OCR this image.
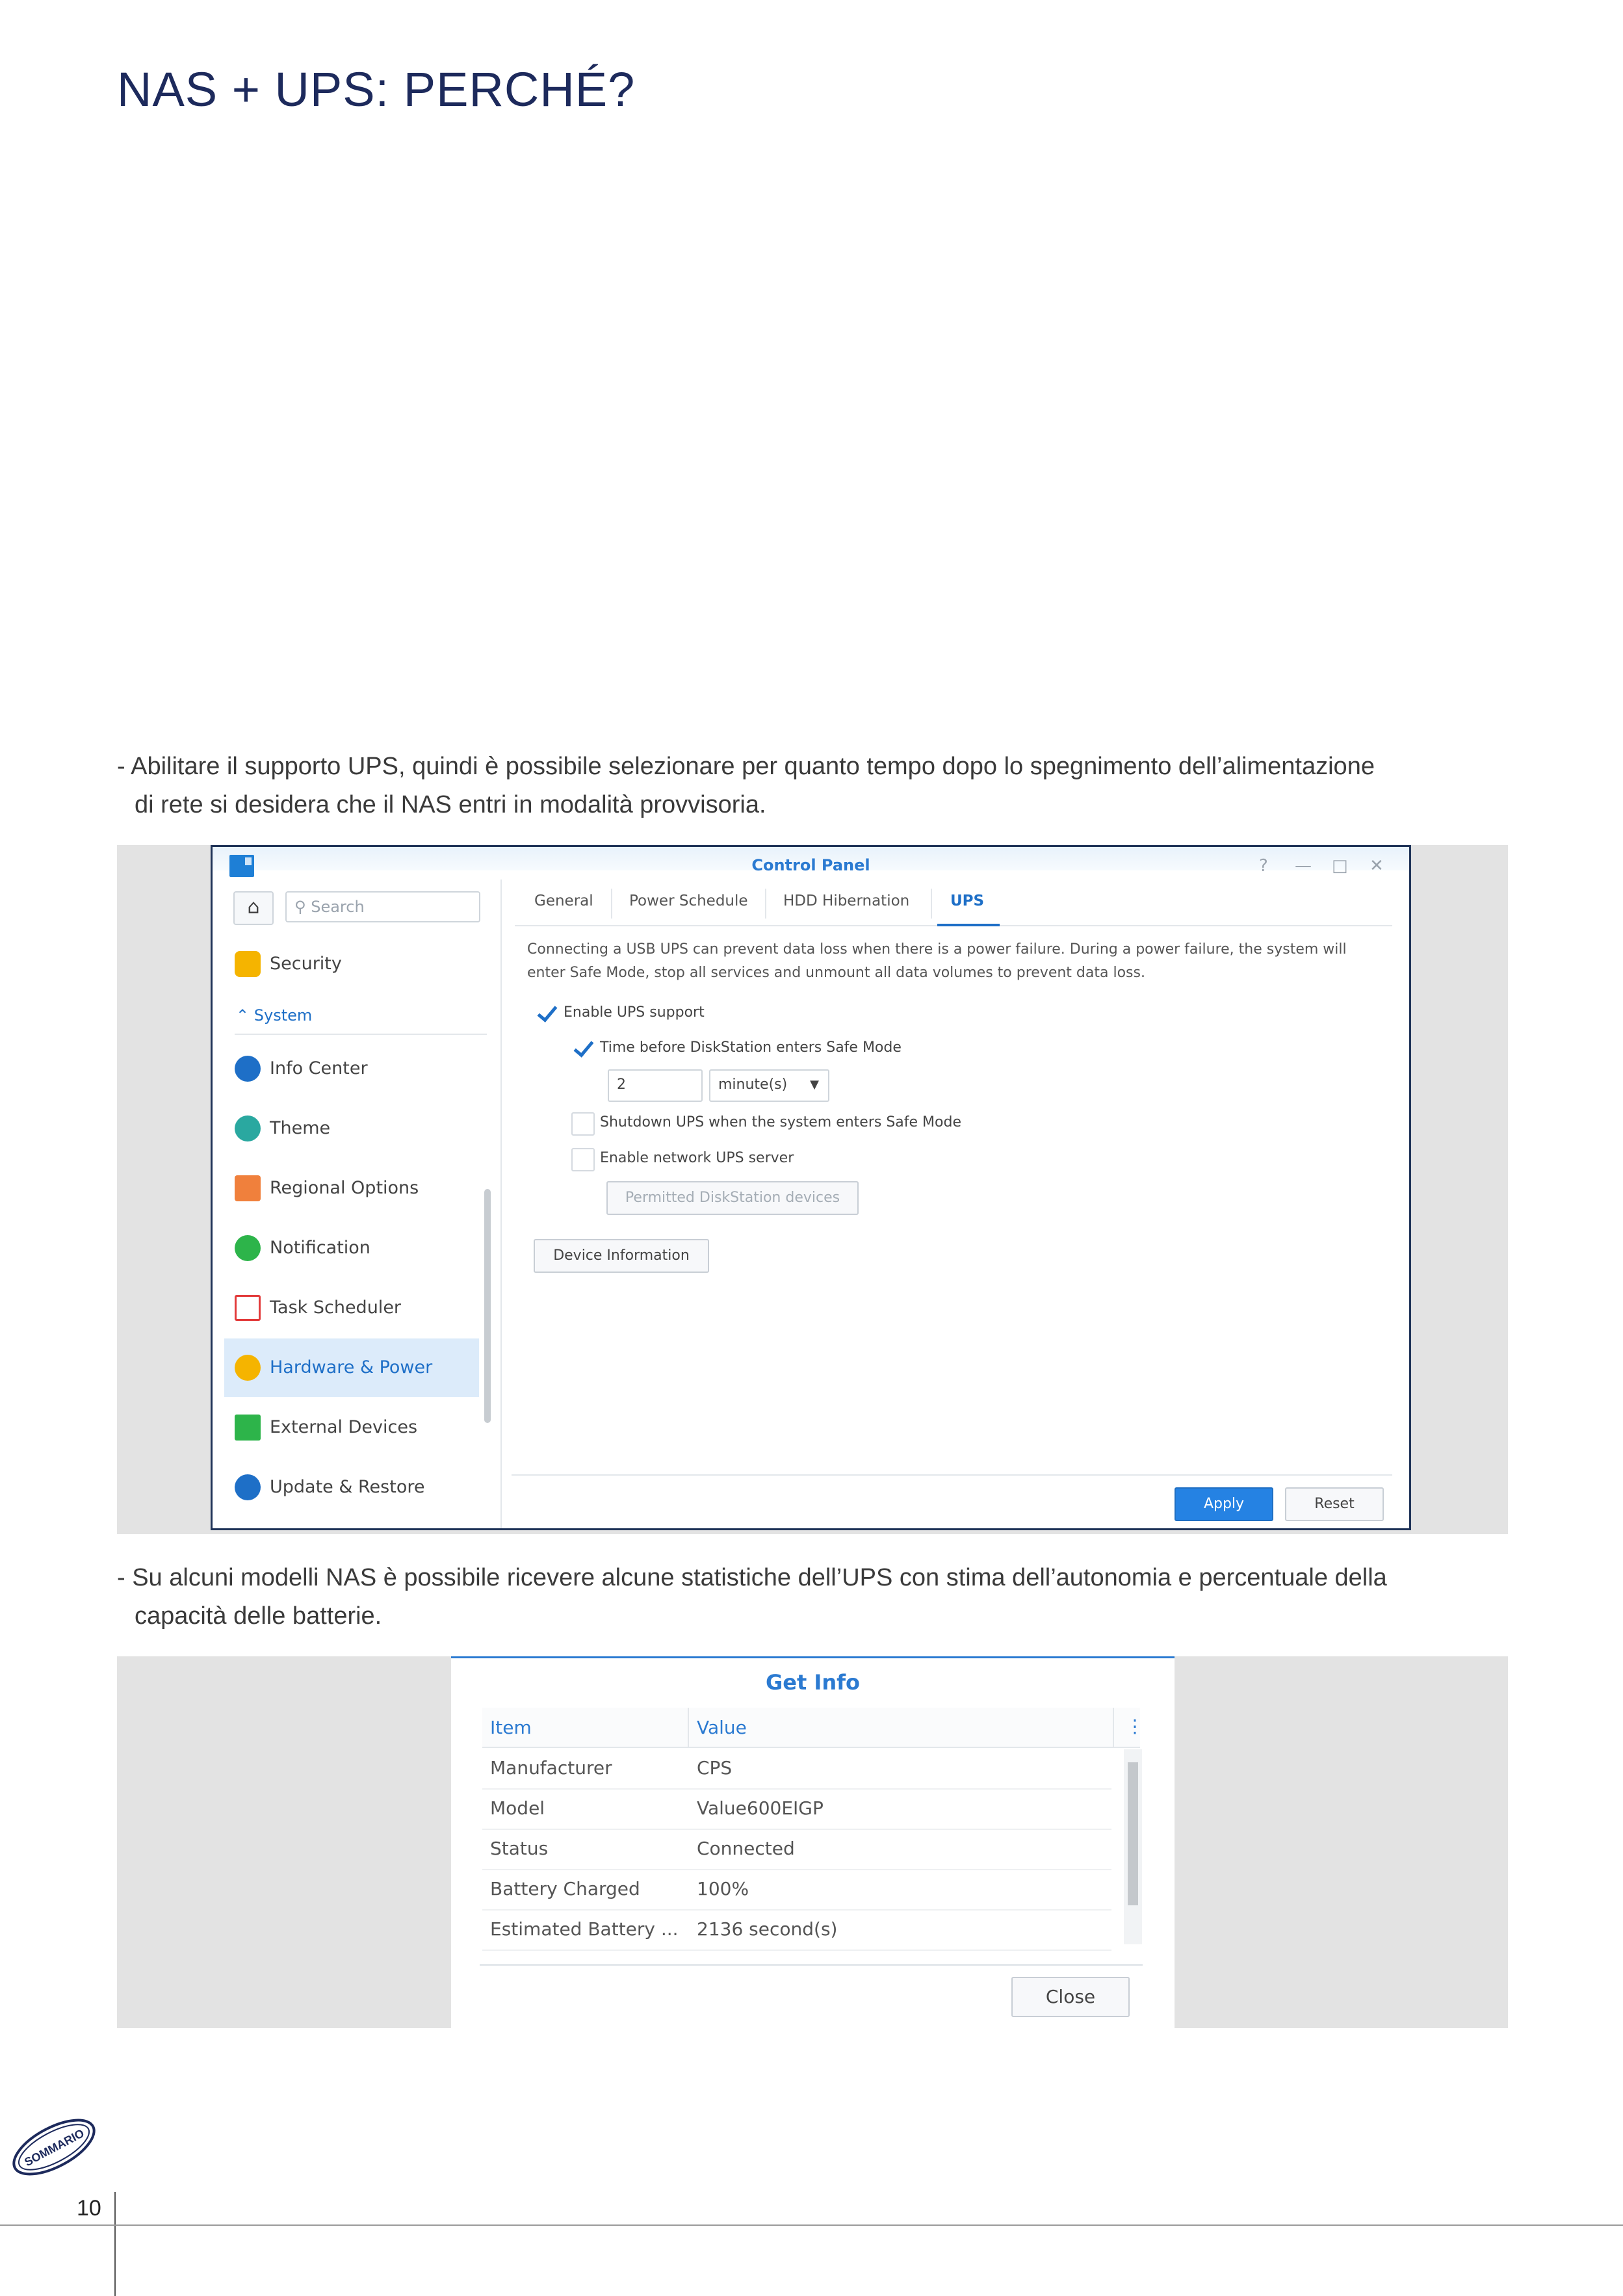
NAS + UPS: PERCHÉ?
- Abilitare il supporto UPS, quindi è possibile selezionare per quanto tempo dopo lo spegnimento dell’alimentazione
di rete si desidera che il NAS entri in modalità provvisoria.
Control Panel	? — □ ✕
⌂	⚲ Search
Security
⌃ System
Info Center
Theme
Regional Options
Notification
Task Scheduler
Hardware & Power
External Devices
Update & Restore
General Power Schedule HDD Hibernation	UPS
Connecting a USB UPS can prevent data loss when there is a power failure. During a power failure, the system will enter Safe Mode, stop all services and unmount all data volumes to prevent data loss.
Enable UPS support
Time before DiskStation enters Safe Mode
2	minute(s) ▼
Shutdown UPS when the system enters Safe Mode
Enable network UPS server
Permitted DiskStation devices
Device Information
Apply	Reset
- Su alcuni modelli NAS è possibile ricevere alcune statistiche dell’UPS con stima dell’autonomia e percentuale della
capacità delle batterie.
Get Info
Item	Value	⋮
Manufacturer	CPS
Model	Value600EIGP
Status	Connected
Battery Charged	100%
Estimated Battery ... 2136 second(s)
Close
SOMMARIO
10
